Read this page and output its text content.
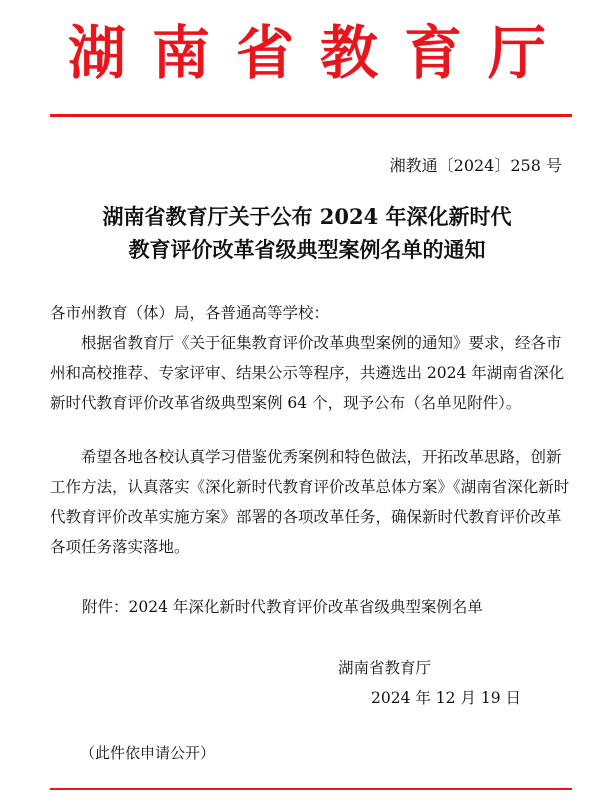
湖南省教育厅
湘教通〔2024〕258 号
湖南省教育厅关于公布 2024 年深化新时代
教育评价改革省级典型案例名单的通知
各市州教育（体）局，各普通高等学校：
根据省教育厅《关于征集教育评价改革典型案例的通知》要求，经各市州和高校推荐、专家评审、结果公示等程序，共遴选出 2024 年湖南省深化新时代教育评价改革省级典型案例 64 个，现予公布（名单见附件）。
希望各地各校认真学习借鉴优秀案例和特色做法，开拓改革思路，创新工作方法，认真落实《深化新时代教育评价改革总体方案》《湖南省深化新时代教育评价改革实施方案》部署的各项改革任务，确保新时代教育评价改革各项任务落实落地。
附件：2024 年深化新时代教育评价改革省级典型案例名单
湖南省教育厅
2024 年 12 月 19 日
（此件依申请公开）
